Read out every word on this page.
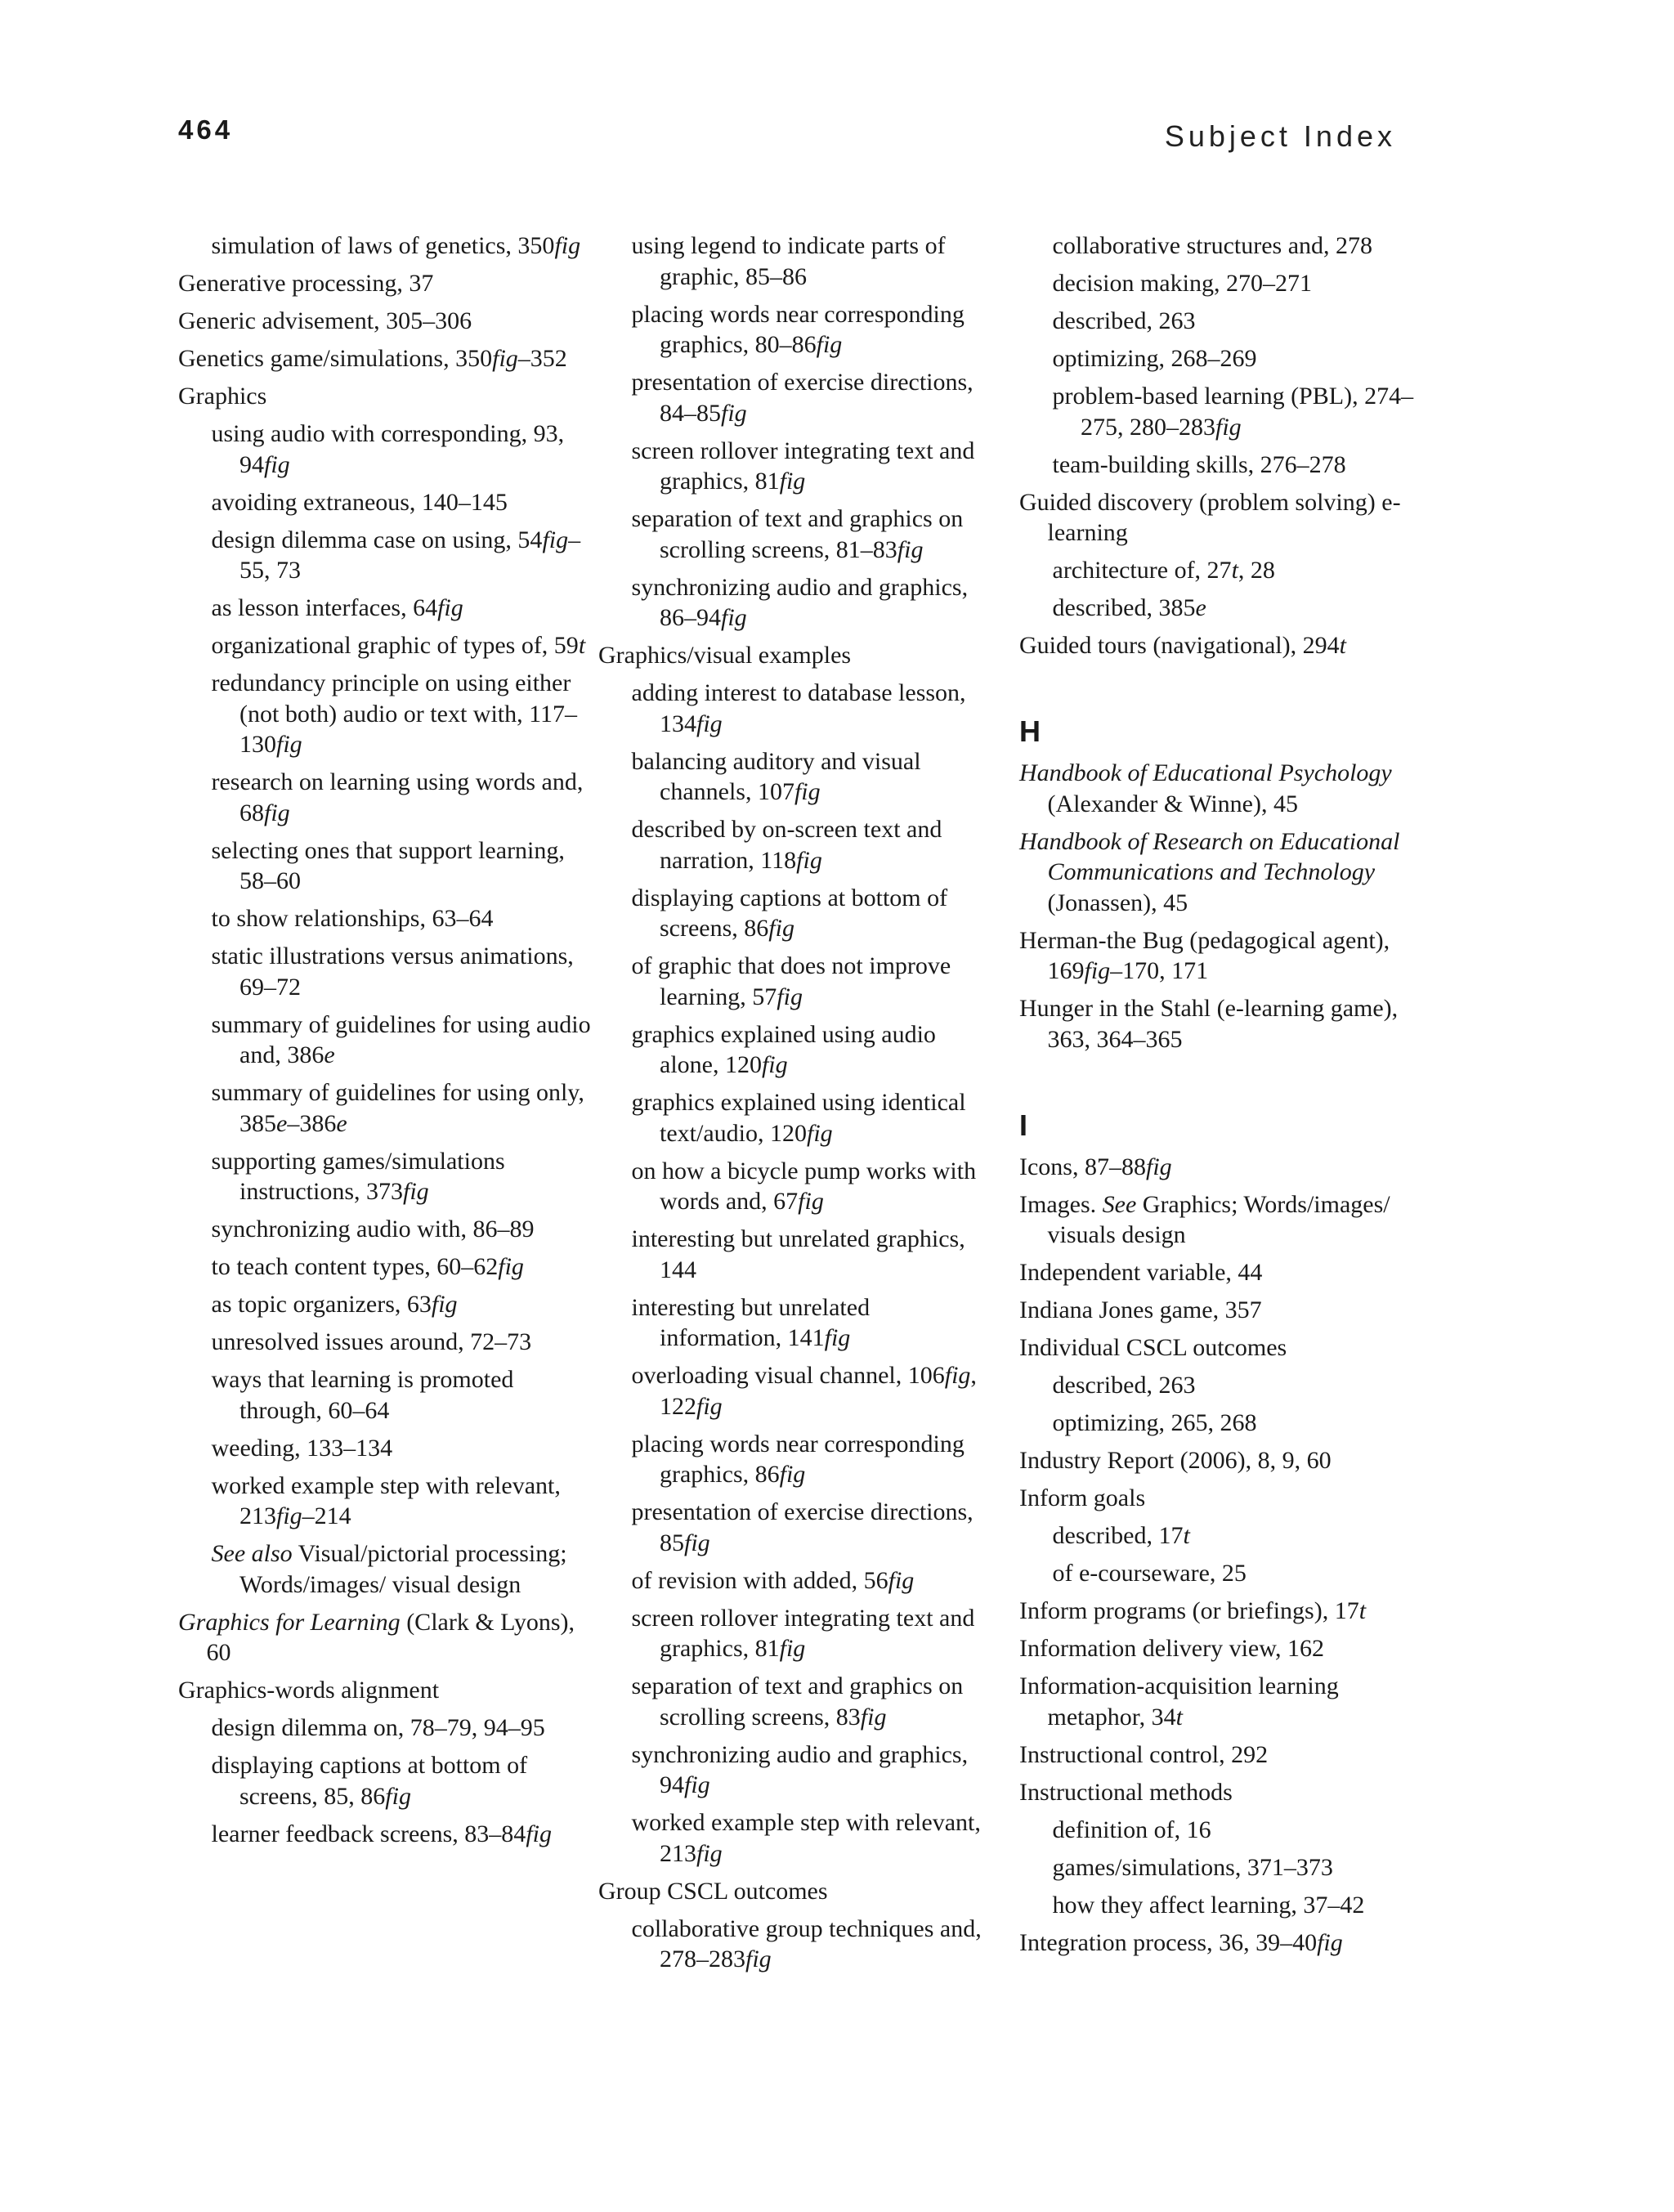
464	Subject Index
simulation of laws of genetics, 350fig
Generative processing, 37
Generic advisement, 305–306
Genetics game/simulations, 350fig–352
Graphics
using audio with corresponding, 93, 94fig
avoiding extraneous, 140–145
design dilemma case on using, 54fig–55, 73
as lesson interfaces, 64fig
organizational graphic of types of, 59t
redundancy principle on using either (not both) audio or text with, 117–130fig
research on learning using words and, 68fig
selecting ones that support learning, 58–60
to show relationships, 63–64
static illustrations versus animations, 69–72
summary of guidelines for using audio and, 386e
summary of guidelines for using only, 385e–386e
supporting games/simulations instructions, 373fig
synchronizing audio with, 86–89
to teach content types, 60–62fig
as topic organizers, 63fig
unresolved issues around, 72–73
ways that learning is promoted through, 60–64
weeding, 133–134
worked example step with relevant, 213fig–214
See also Visual/pictorial processing; Words/images/ visual design
Graphics for Learning (Clark & Lyons), 60
Graphics-words alignment
design dilemma on, 78–79, 94–95
displaying captions at bottom of screens, 85, 86fig
learner feedback screens, 83–84fig
using legend to indicate parts of graphic, 85–86
placing words near corresponding graphics, 80–86fig
presentation of exercise directions, 84–85fig
screen rollover integrating text and graphics, 81fig
separation of text and graphics on scrolling screens, 81–83fig
synchronizing audio and graphics, 86–94fig
Graphics/visual examples
adding interest to database lesson, 134fig
balancing auditory and visual channels, 107fig
described by on-screen text and narration, 118fig
displaying captions at bottom of screens, 86fig
of graphic that does not improve learning, 57fig
graphics explained using audio alone, 120fig
graphics explained using identical text/audio, 120fig
on how a bicycle pump works with words and, 67fig
interesting but unrelated graphics, 144
interesting but unrelated information, 141fig
overloading visual channel, 106fig, 122fig
placing words near corresponding graphics, 86fig
presentation of exercise directions, 85fig
of revision with added, 56fig
screen rollover integrating text and graphics, 81fig
separation of text and graphics on scrolling screens, 83fig
synchronizing audio and graphics, 94fig
worked example step with relevant, 213fig
Group CSCL outcomes
collaborative group techniques and, 278–283fig
collaborative structures and, 278
decision making, 270–271
described, 263
optimizing, 268–269
problem-based learning (PBL), 274–275, 280–283fig
team-building skills, 276–278
Guided discovery (problem solving) e-learning
architecture of, 27t, 28
described, 385e
Guided tours (navigational), 294t
H
Handbook of Educational Psychology (Alexander & Winne), 45
Handbook of Research on Educational Communications and Technology (Jonassen), 45
Herman-the Bug (pedagogical agent), 169fig–170, 171
Hunger in the Stahl (e-learning game), 363, 364–365
I
Icons, 87–88fig
Images. See Graphics; Words/images/ visuals design
Independent variable, 44
Indiana Jones game, 357
Individual CSCL outcomes
described, 263
optimizing, 265, 268
Industry Report (2006), 8, 9, 60
Inform goals
described, 17t
of e-courseware, 25
Inform programs (or briefings), 17t
Information delivery view, 162
Information-acquisition learning metaphor, 34t
Instructional control, 292
Instructional methods
definition of, 16
games/simulations, 371–373
how they affect learning, 37–42
Integration process, 36, 39–40fig
